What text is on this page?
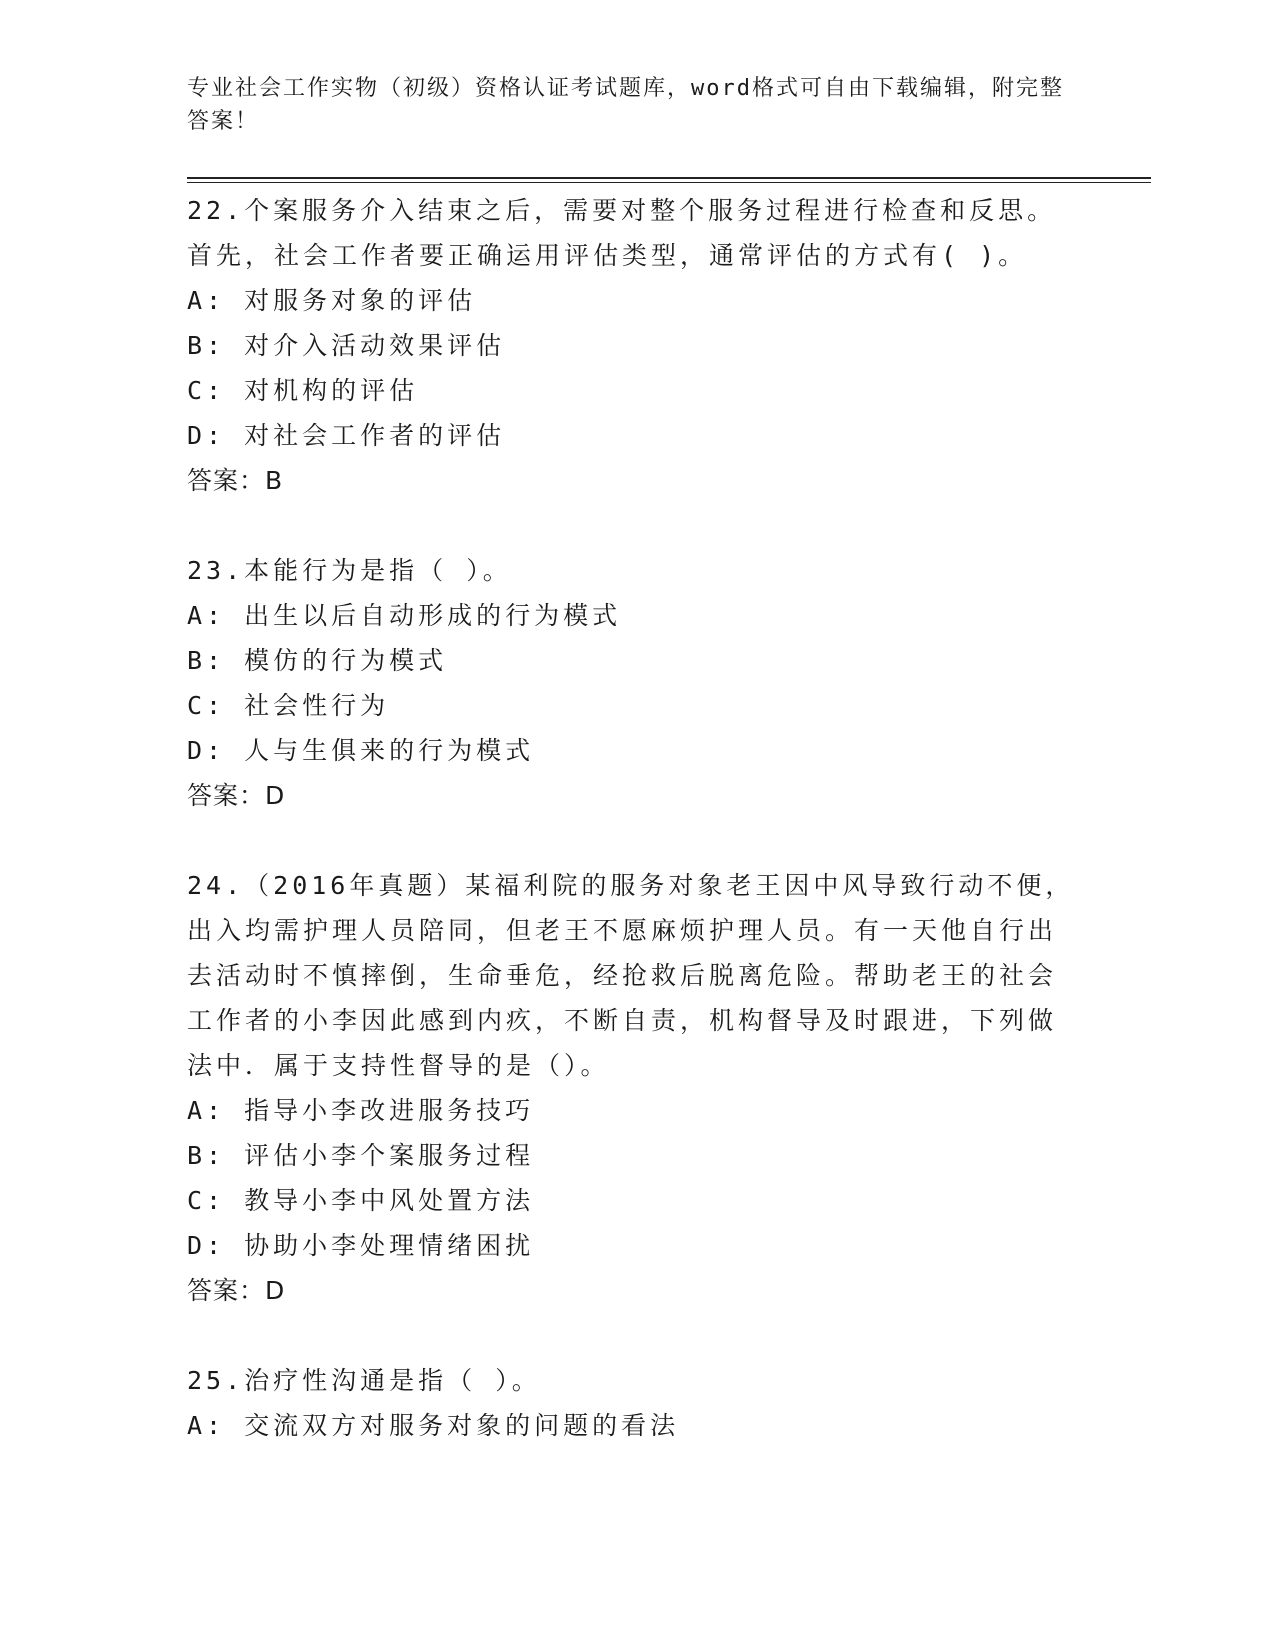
专业社会工作实物（初级）资格认证考试题库，word格式可自由下载编辑，附完整答案！
22.个案服务介入结束之后，需要对整个服务过程进行检查和反思。首先，社会工作者要正确运用评估类型，通常评估的方式有( )。
A: 对服务对象的评估
B: 对介入活动效果评估
C: 对机构的评估
D: 对社会工作者的评估
答案：B
23.本能行为是指（ ）。
A: 出生以后自动形成的行为模式
B: 模仿的行为模式
C: 社会性行为
D: 人与生俱来的行为模式
答案：D
24.（2016年真题）某福利院的服务对象老王因中风导致行动不便，出入均需护理人员陪同，但老王不愿麻烦护理人员。有一天他自行出去活动时不慎摔倒，生命垂危，经抢救后脱离危险。帮助老王的社会工作者的小李因此感到内疚，不断自责，机构督导及时跟进，下列做法中．属于支持性督导的是（）。
A: 指导小李改进服务技巧
B: 评估小李个案服务过程
C: 教导小李中风处置方法
D: 协助小李处理情绪困扰
答案：D
25.治疗性沟通是指（ ）。
A: 交流双方对服务对象的问题的看法
